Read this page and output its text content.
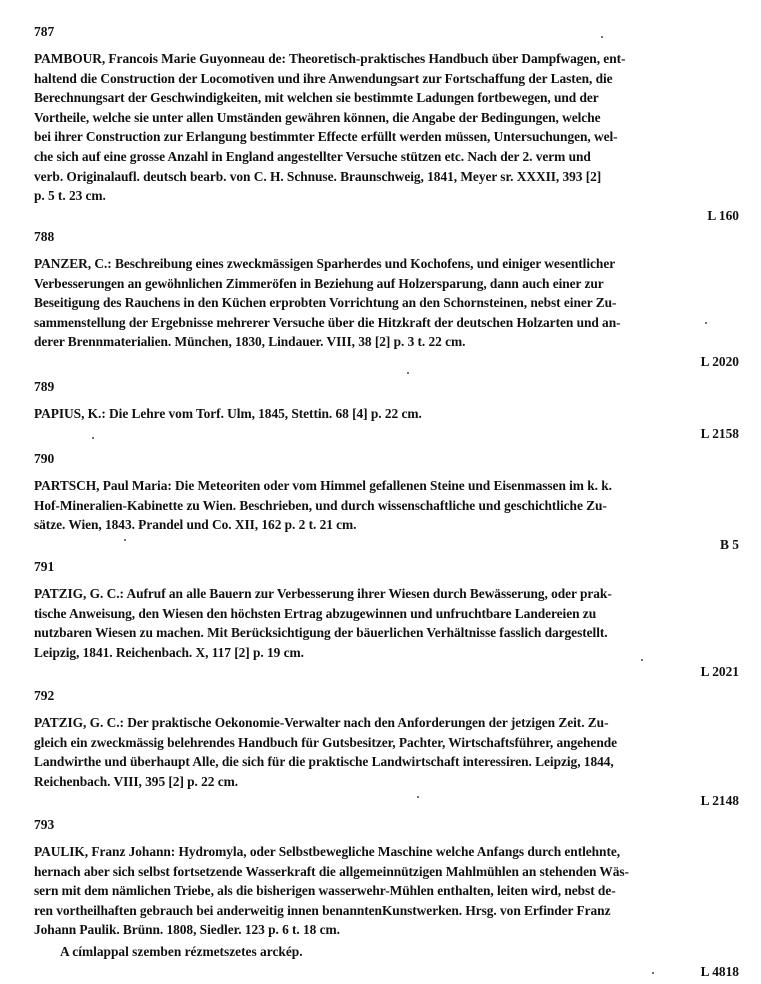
787
PAMBOUR, Francois Marie Guyonneau de: Theoretisch-praktisches Handbuch über Dampfwagen, ent-
haltend die Construction der Locomotiven und ihre Anwendungsart zur Fortschaffung der Lasten, die
Berechnungsart der Geschwindigkeiten, mit welchen sie bestimmte Ladungen fortbewegen, und der
Vortheile, welche sie unter allen Umständen gewähren können, die Angabe der Bedingungen, welche
bei ihrer Construction zur Erlangung bestimmter Effecte erfüllt werden müssen, Untersuchungen, wel-
che sich auf eine grosse Anzahl in England angestellter Versuche stützen etc. Nach der 2. verm und
verb. Originalaufl. deutsch bearb. von C. H. Schnuse. Braunschweig, 1841, Meyer sr. XXXII, 393 [2]
p. 5 t. 23 cm.
L 160
788
PANZER, C.: Beschreibung eines zweckmässigen Sparherdes und Kochofens, und einiger wesentlicher
Verbesserungen an gewöhnlichen Zimmeröfen in Beziehung auf Holzersparung, dann auch einer zur
Beseitigung des Rauchens in den Küchen erprobten Vorrichtung an den Schornsteinen, nebst einer Zu-
sammenstellung der Ergebnisse mehrerer Versuche über die Hitzkraft der deutschen Holzarten und an-
derer Brennmaterialien. München, 1830, Lindauer. VIII, 38 [2] p. 3 t. 22 cm.
L 2020
789
PAPIUS, K.: Die Lehre vom Torf. Ulm, 1845, Stettin. 68 [4] p. 22 cm.
L 2158
790
PARTSCH, Paul Maria: Die Meteoriten oder vom Himmel gefallenen Steine und Eisenmassen im k. k.
Hof-Mineralien-Kabinette zu Wien. Beschrieben, und durch wissenschaftliche und geschichtliche Zu-
sätze. Wien, 1843. Prandel und Co. XII, 162 p. 2 t. 21 cm.
B 5
791
PATZIG, G. C.: Aufruf an alle Bauern zur Verbesserung ihrer Wiesen durch Bewässerung, oder prak-
tische Anweisung, den Wiesen den höchsten Ertrag abzugewinnen und unfruchtbare Landereien zu
nutzbaren Wiesen zu machen. Mit Berücksichtigung der bäuerlichen Verhältnisse fasslich dargestellt.
Leipzig, 1841. Reichenbach. X, 117 [2] p. 19 cm.
L 2021
792
PATZIG, G. C.: Der praktische Oekonomie-Verwalter nach den Anforderungen der jetzigen Zeit. Zu-
gleich ein zweckmässig belehrendes Handbuch für Gutsbesitzer, Pachter, Wirtschaftsführer, angehende
Landwirthe und überhaupt Alle, die sich für die praktische Landwirtschaft interessiren. Leipzig, 1844,
Reichenbach. VIII, 395 [2] p. 22 cm.
L 2148
793
PAULIK, Franz Johann: Hydromyla, oder Selbstbewegliche Maschine welche Anfangs durch entlehnte,
hernach aber sich selbst fortsetzende Wasserkraft die allgemeinnützigen Mahlmühlen an stehenden Wäs-
sern mit dem nämlichen Triebe, als die bisherigen wasserwehr-Mühlen enthalten, leiten wird, nebst de-
ren vortheilhaften gebrauch bei anderweitig innen benanntenKunstwerken. Hrsg. von Erfinder Franz
Johann Paulik. Brünn. 1808, Siedler. 123 p. 6 t. 18 cm.
A címlappal szemben rézmetszetes arckép.
L 4818
